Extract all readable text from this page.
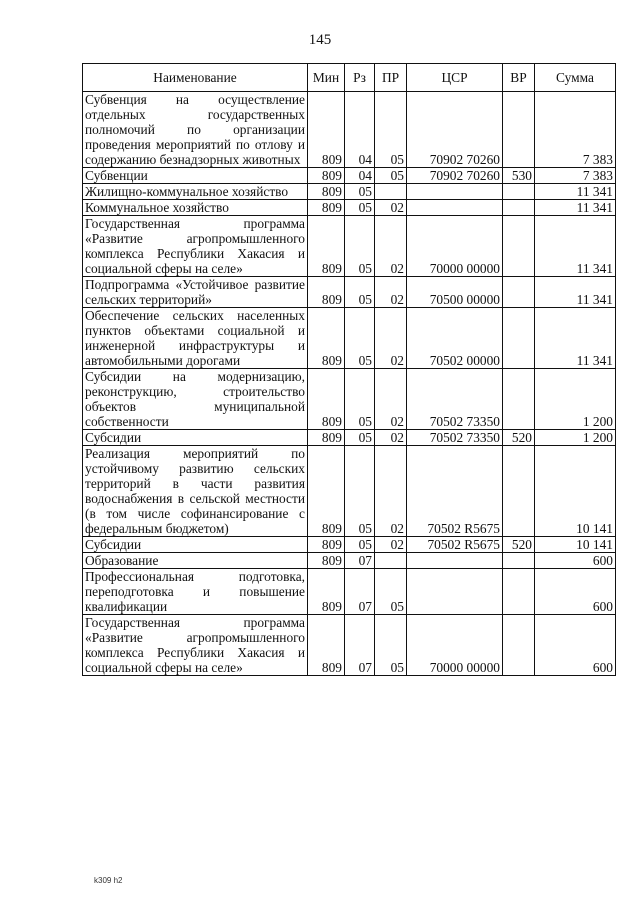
145
Наименование	Мин	Рз	ПР	ЦСР	ВР	Сумма
Субвенция на осуществление отдельных государственных полномочий по организации проведения мероприятий по отлову и содержанию безнадзорных животных	809	04	05	70902 70260		7 383
Субвенции	809	04	05	70902 70260	530	7 383
Жилищно-коммунальное хозяйство	809	05				11 341
Коммунальное хозяйство	809	05	02			11 341
Государственная программа «Развитие агропромышленного комплекса Республики Хакасия и социальной сферы на селе»	809	05	02	70000 00000		11 341
Подпрограмма «Устойчивое развитие сельских территорий»	809	05	02	70500 00000		11 341
Обеспечение сельских населенных пунктов объектами социальной и инженерной инфраструктуры и автомобильными дорогами	809	05	02	70502 00000		11 341
Субсидии на модернизацию, реконструкцию, строительство объектов муниципальной собственности	809	05	02	70502 73350		1 200
Субсидии	809	05	02	70502 73350	520	1 200
Реализация мероприятий по устойчивому развитию сельских территорий в части развития водоснабжения в сельской местности (в том числе софинансирование с федеральным бюджетом)	809	05	02	70502 R5675		10 141
Субсидии	809	05	02	70502 R5675	520	10 141
Образование	809	07				600
Профессиональная подготовка, переподготовка и повышение квалификации	809	07	05			600
Государственная программа «Развитие агропромышленного комплекса Республики Хакасия и социальной сферы на селе»	809	07	05	70000 00000		600
k309 h2
